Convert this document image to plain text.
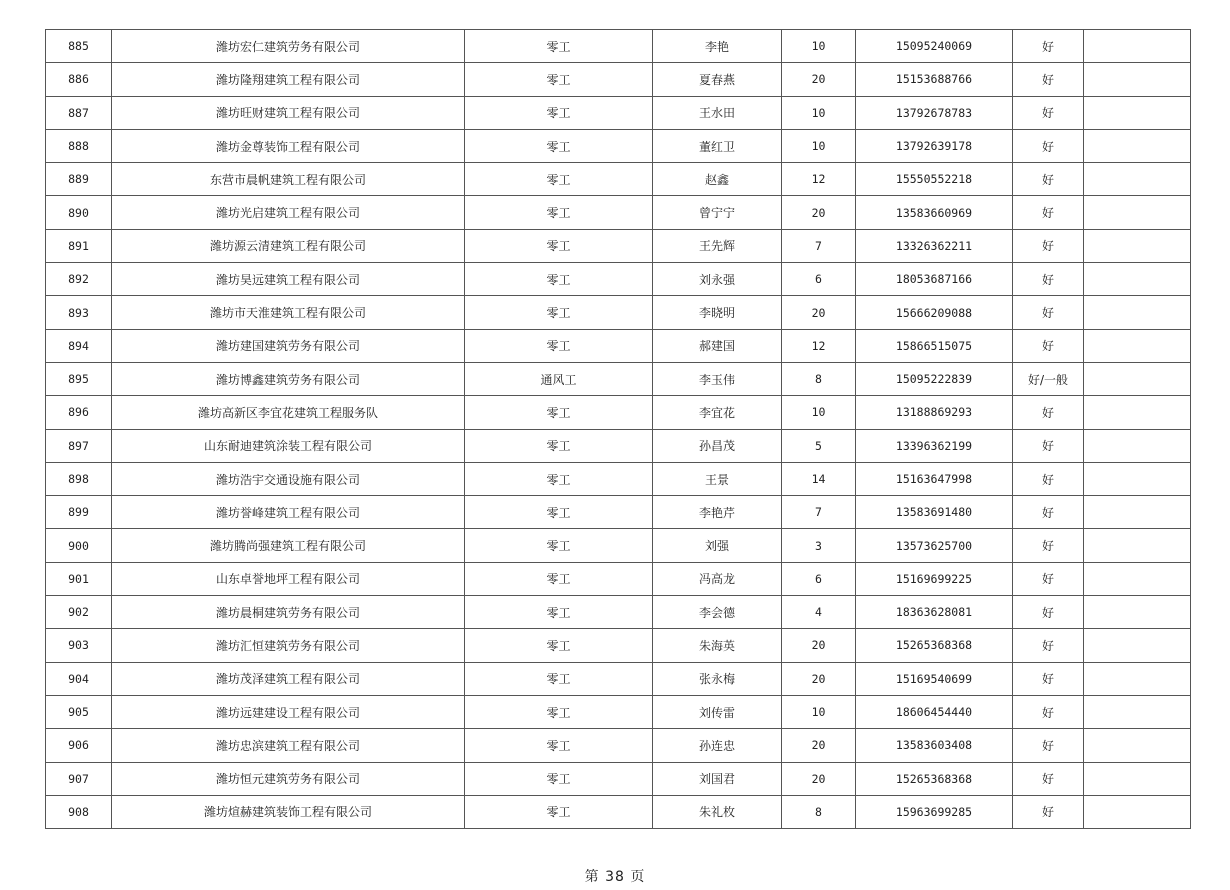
885	潍坊宏仁建筑劳务有限公司	零工	李艳	10	15095240069	好	
886	潍坊隆翔建筑工程有限公司	零工	夏春燕	20	15153688766	好	
887	潍坊旺财建筑工程有限公司	零工	王水田	10	13792678783	好	
888	潍坊金尊装饰工程有限公司	零工	董红卫	10	13792639178	好	
889	东营市晨帆建筑工程有限公司	零工	赵鑫	12	15550552218	好	
890	潍坊光启建筑工程有限公司	零工	曾宁宁	20	13583660969	好	
891	潍坊源云清建筑工程有限公司	零工	王先辉	7	13326362211	好	
892	潍坊昊远建筑工程有限公司	零工	刘永强	6	18053687166	好	
893	潍坊市天淮建筑工程有限公司	零工	李晓明	20	15666209088	好	
894	潍坊建国建筑劳务有限公司	零工	郝建国	12	15866515075	好	
895	潍坊博鑫建筑劳务有限公司	通风工	李玉伟	8	15095222839	好/一般	
896	潍坊高新区李宜花建筑工程服务队	零工	李宜花	10	13188869293	好	
897	山东耐迪建筑涂装工程有限公司	零工	孙昌茂	5	13396362199	好	
898	潍坊浩宇交通设施有限公司	零工	王景	14	15163647998	好	
899	潍坊誉峰建筑工程有限公司	零工	李艳芹	7	13583691480	好	
900	潍坊腾尚强建筑工程有限公司	零工	刘强	3	13573625700	好	
901	山东卓誉地坪工程有限公司	零工	冯高龙	6	15169699225	好	
902	潍坊晨桐建筑劳务有限公司	零工	李会德	4	18363628081	好	
903	潍坊汇恒建筑劳务有限公司	零工	朱海英	20	15265368368	好	
904	潍坊茂泽建筑工程有限公司	零工	张永梅	20	15169540699	好	
905	潍坊远建建设工程有限公司	零工	刘传雷	10	18606454440	好	
906	潍坊忠滨建筑工程有限公司	零工	孙连忠	20	13583603408	好	
907	潍坊恒元建筑劳务有限公司	零工	刘国君	20	15265368368	好	
908	潍坊煊赫建筑装饰工程有限公司	零工	朱礼枚	8	15963699285	好	
第 38 页
